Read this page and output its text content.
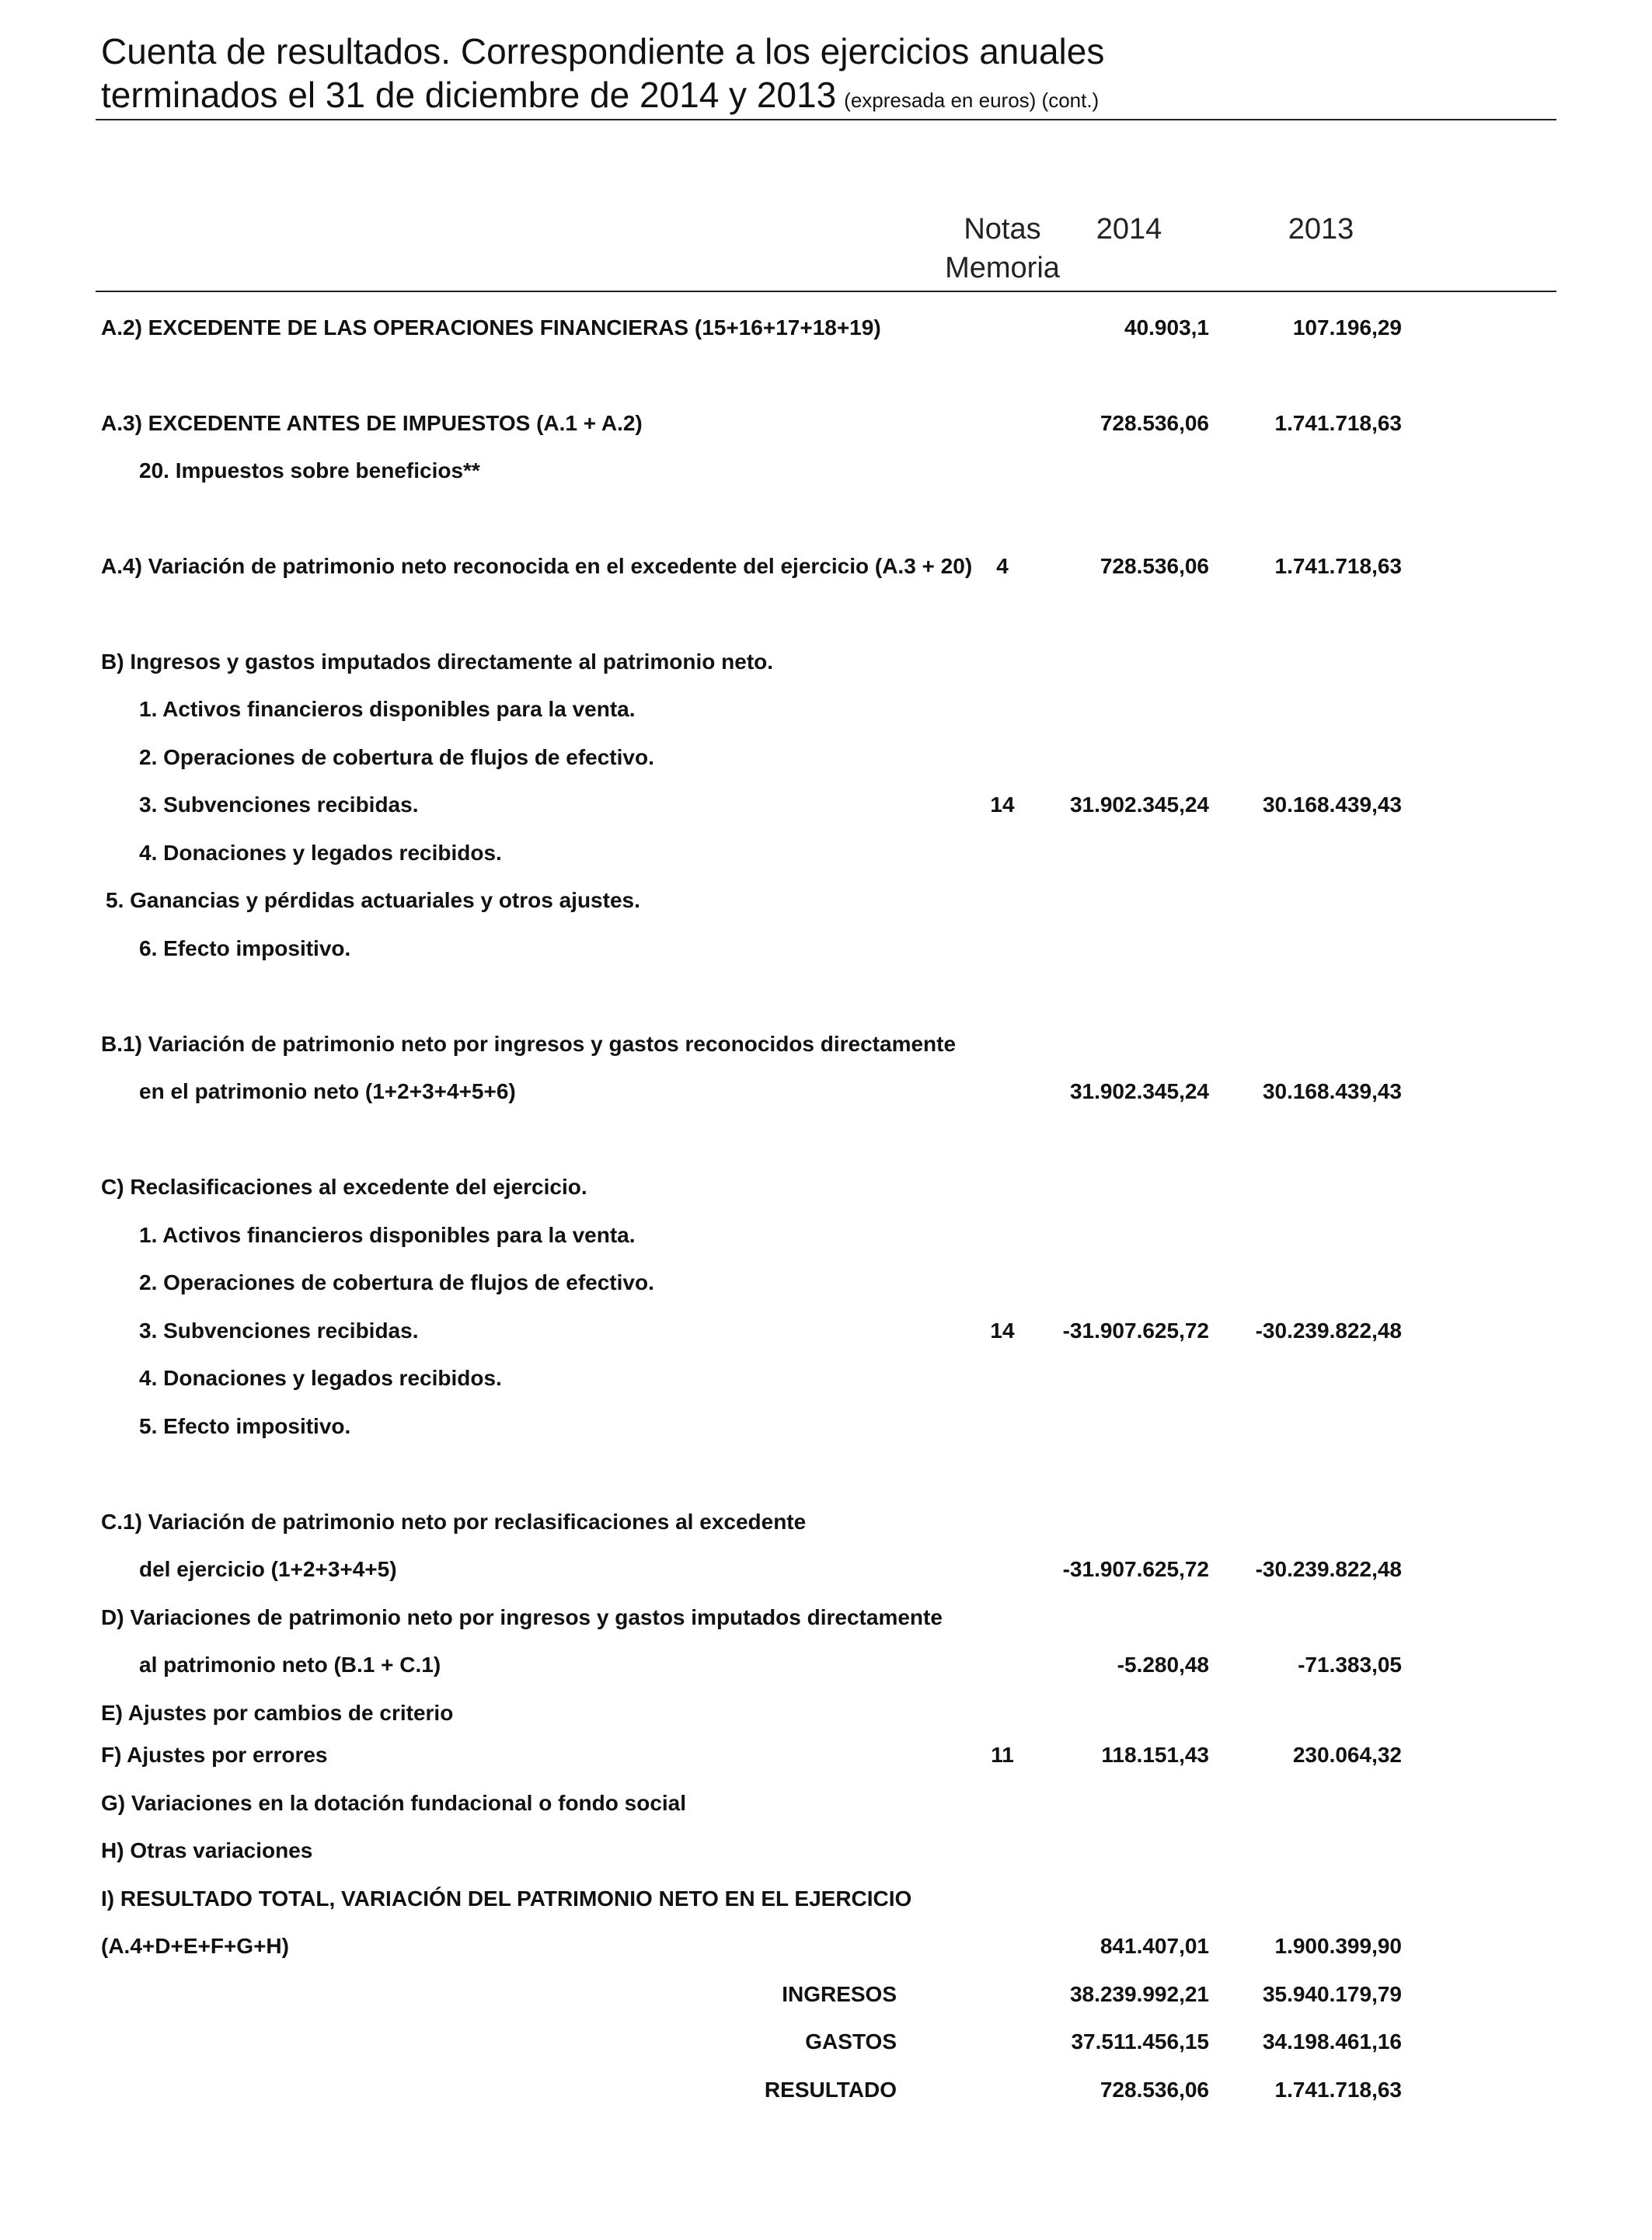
Cuenta de resultados. Correspondiente a los ejercicios anuales
terminados el 31 de diciembre de 2014 y 2013 (expresada en euros) (cont.)
Notas
Memoria
2014	2013
A.2) EXCEDENTE DE LAS OPERACIONES FINANCIERAS (15+16+17+18+19)	40.903,1	107.196,29
A.3) EXCEDENTE ANTES DE IMPUESTOS (A.1 + A.2)	728.536,06	1.741.718,63
20. Impuestos sobre beneficios**
A.4) Variación de patrimonio neto reconocida en el excedente del ejercicio (A.3 + 20)	4	728.536,06	1.741.718,63
B) Ingresos y gastos imputados directamente al patrimonio neto.
1. Activos financieros disponibles para la venta.
2. Operaciones de cobertura de flujos de efectivo.
3. Subvenciones recibidas.	14	31.902.345,24 30.168.439,43
4. Donaciones y legados recibidos.
5. Ganancias y pérdidas actuariales y otros ajustes.
6. Efecto impositivo.
B.1) Variación de patrimonio neto por ingresos y gastos reconocidos directamente
en el patrimonio neto (1+2+3+4+5+6)	31.902.345,24 30.168.439,43
C) Reclasificaciones al excedente del ejercicio.
1. Activos financieros disponibles para la venta.
2. Operaciones de cobertura de flujos de efectivo.
3. Subvenciones recibidas.	14	-31.907.625,72 -30.239.822,48
4. Donaciones y legados recibidos.
5. Efecto impositivo.
C.1) Variación de patrimonio neto por reclasificaciones al excedente
del ejercicio (1+2+3+4+5)	-31.907.625,72 -30.239.822,48
D) Variaciones de patrimonio neto por ingresos y gastos imputados directamente
al patrimonio neto (B.1 + C.1)	-5.280,48	-71.383,05
E) Ajustes por cambios de criterio
F) Ajustes por errores	11	118.151,43	230.064,32
G) Variaciones en la dotación fundacional o fondo social
H) Otras variaciones
I) RESULTADO TOTAL, VARIACIÓN DEL PATRIMONIO NETO EN EL EJERCICIO
(A.4+D+E+F+G+H)	841.407,01	1.900.399,90
INGRESOS	38.239.992,21 35.940.179,79
GASTOS	37.511.456,15 34.198.461,16
RESULTADO	728.536,06	1.741.718,63
